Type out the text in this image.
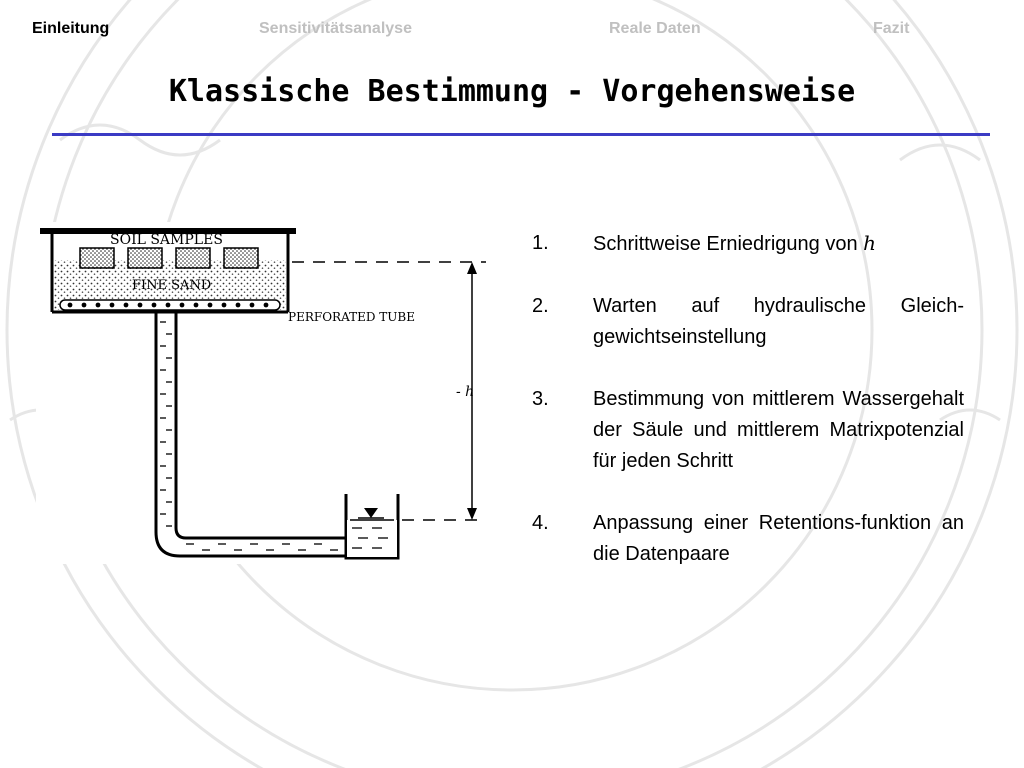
Einleitung	Sensitivitätsanalyse	Reale Daten	Fazit
Klassische Bestimmung - Vorgehensweise
SOIL SAMPLES
FINE SAND
PERFORATED TUBE
- h
1. Schrittweise Erniedrigung von h
2. Warten auf hydraulische Gleich-gewichtseinstellung
3. Bestimmung von mittlerem Wassergehalt der Säule und mittlerem Matrixpotenzial für jeden Schritt
4. Anpassung einer Retentions-funktion an die Datenpaare
